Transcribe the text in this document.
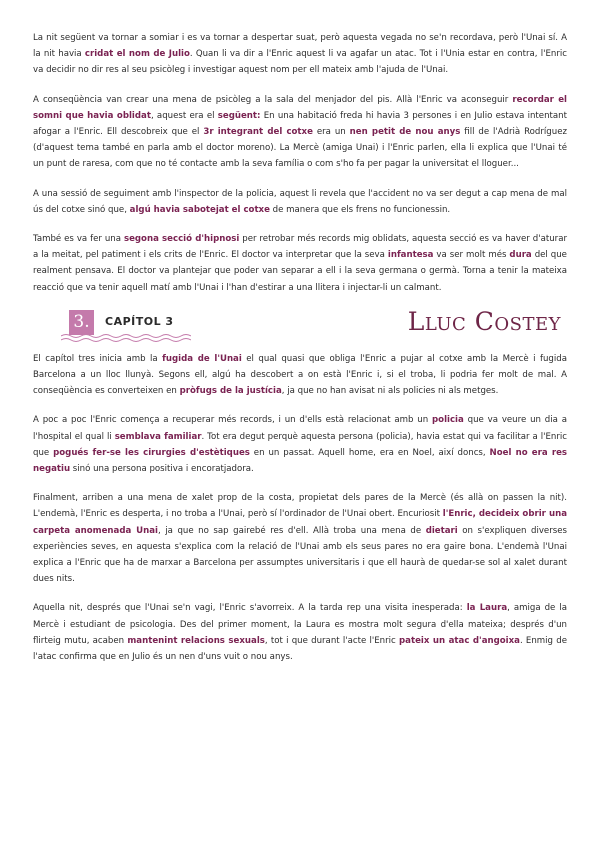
La nit següent va tornar a somiar i es va tornar a despertar suat, però aquesta vegada no se'n recordava, però l'Unai sí. A la nit havia cridat el nom de Julio. Quan li va dir a l'Enric aquest li va agafar un atac. Tot i l'Unia estar en contra, l'Enric va decidir no dir res al seu psicòleg i investigar aquest nom per ell mateix amb l'ajuda de l'Unai.

A conseqüència van crear una mena de psicòleg a la sala del menjador del pis. Allà l'Enric va aconseguir recordar el somni que havia oblidat, aquest era el següent: En una habitació freda hi havia 3 persones i en Julio estava intentant afogar a l'Enric. Ell descobreix que el 3r integrant del cotxe era un nen petit de nou anys fill de l'Adrià Rodríguez (d'aquest tema també en parla amb el doctor moreno). La Mercè (amiga Unai) i l'Enric parlen, ella li explica que l'Unai té un punt de raresa, com que no té contacte amb la seva família o com s'ho fa per pagar la universitat el lloguer...

A una sessió de seguiment amb l'inspector de la policia, aquest li revela que l'accident no va ser degut a cap mena de mal ús del cotxe sinó que, algú havia sabotejat el cotxe de manera que els frens no funcionessin.

També es va fer una segona secció d'hipnosi per retrobar més records mig oblidats, aquesta secció es va haver d'aturar a la meitat, pel patiment i els crits de l'Enric. El doctor va interpretar que la seva infantesa va ser molt més dura del que realment pensava. El doctor va plantejar que poder van separar a ell i la seva germana o germà. Torna a tenir la mateixa reacció que va tenir aquell matí amb l'Unai i l'han d'estirar a una llitera i injectar-li un calmant.

3.	CAPÍTOL 3	Lluc Costey

El capítol tres inicia amb la fugida de l'Unai el qual quasi que obliga l'Enric a pujar al cotxe amb la Mercè i fugida Barcelona a un lloc llunyà. Segons ell, algú ha descobert a on està l'Enric i, si el troba, li podria fer molt de mal. A conseqüència es converteixen en pròfugs de la justícia, ja que no han avisat ni als policies ni als metges.

A poc a poc l'Enric comença a recuperar més records, i un d'ells està relacionat amb un policia que va veure un dia a l'hospital el qual li semblava familiar. Tot era degut perquè aquesta persona (policia), havia estat qui va facilitar a l'Enric que pogués fer-se les cirurgies d'estètiques en un passat. Aquell home, era en Noel, així doncs, Noel no era res negatiu sinó una persona positiva i encoratjadora.

Finalment, arriben a una mena de xalet prop de la costa, propietat dels pares de la Mercè (és allà on passen la nit). L'endemà, l'Enric es desperta, i no troba a l'Unai, però sí l'ordinador de l'Unai obert. Encuriosit l'Enric, decideix obrir una carpeta anomenada Unai, ja que no sap gairebé res d'ell. Allà troba una mena de dietari on s'expliquen diverses experiències seves, en aquesta s'explica com la relació de l'Unai amb els seus pares no era gaire bona. L'endemà l'Unai explica a l'Enric que ha de marxar a Barcelona per assumptes universitaris i que ell haurà de quedar-se sol al xalet durant dues nits.

Aquella nit, després que l'Unai se'n vagi, l'Enric s'avorreix. A la tarda rep una visita inesperada: la Laura, amiga de la Mercè i estudiant de psicologia. Des del primer moment, la Laura es mostra molt segura d'ella mateixa; després d'un flirteig mutu, acaben mantenint relacions sexuals, tot i que durant l'acte l'Enric pateix un atac d'angoixa. Enmig de l'atac confirma que en Julio és un nen d'uns vuit o nou anys.
